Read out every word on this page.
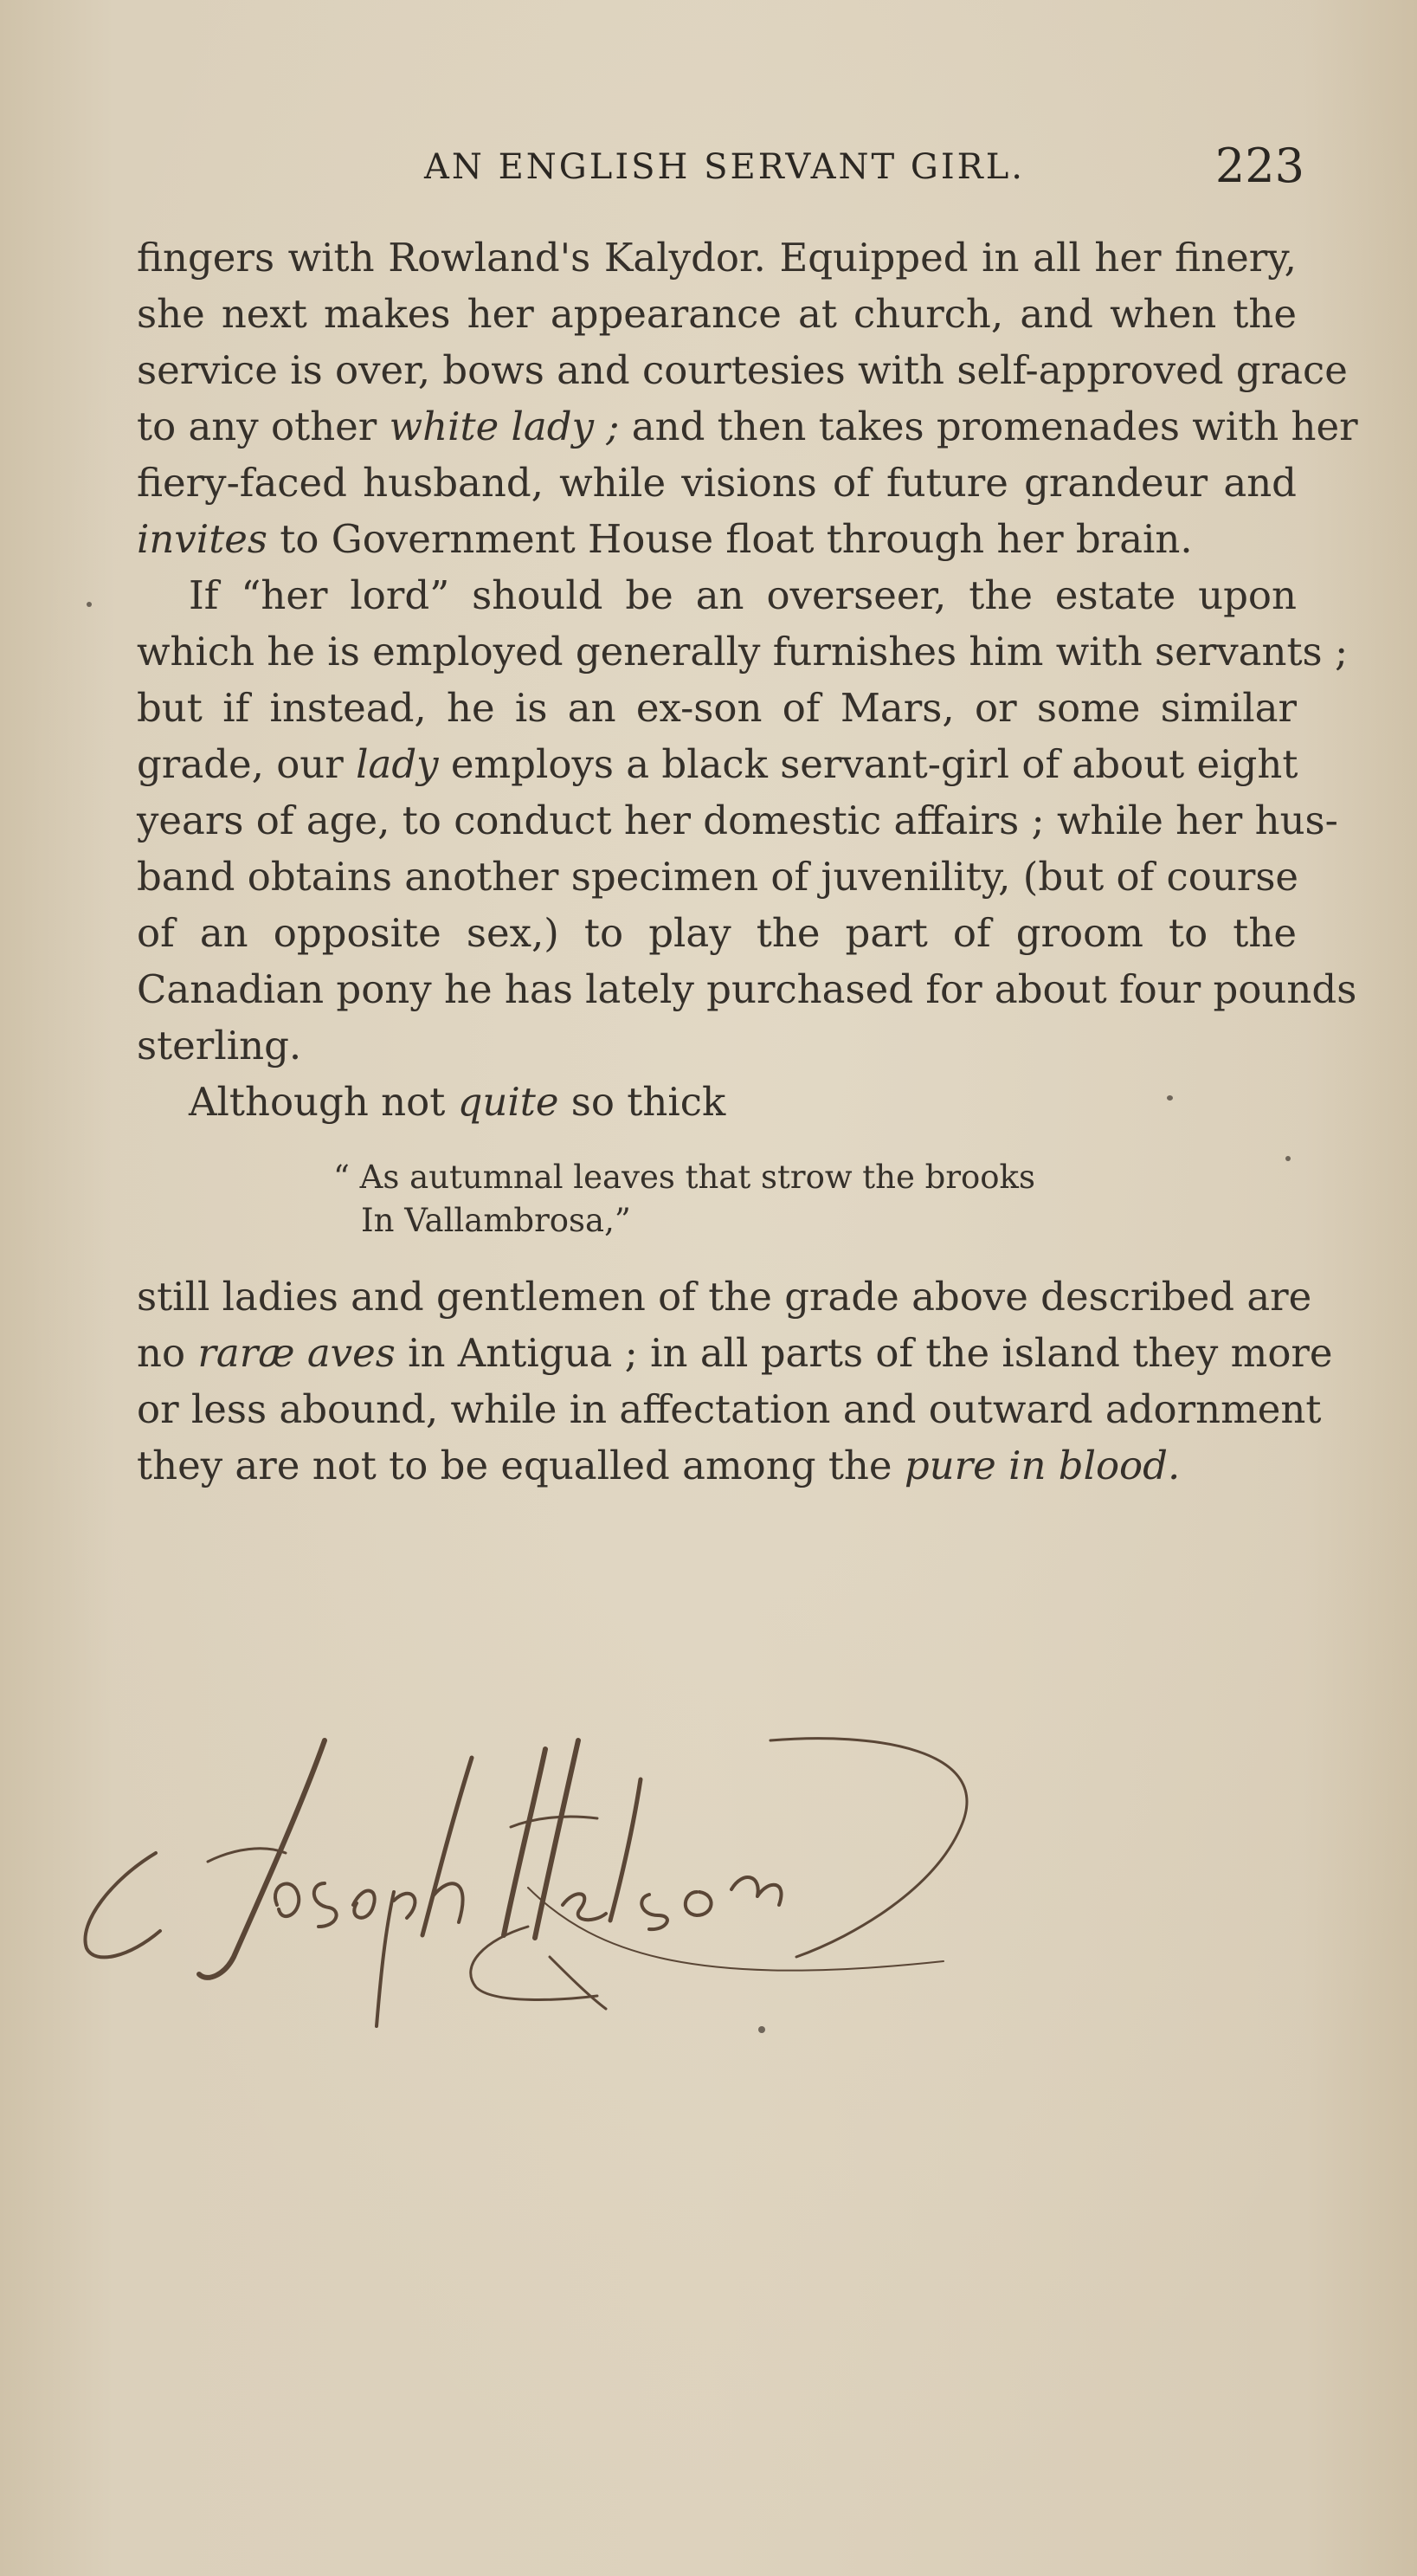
AN ENGLISH SERVANT GIRL.	223
fingers with Rowland's Kalydor. Equipped in all her finery,
she next makes her appearance at church, and when the
service is over, bows and courtesies with self-approved grace
to any other white lady ; and then takes promenades with her
fiery-faced husband, while visions of future grandeur and
invites to Government House float through her brain.
If “her lord” should be an overseer, the estate upon
which he is employed generally furnishes him with servants ;
but if instead, he is an ex-son of Mars, or some similar
grade, our lady employs a black servant-girl of about eight
years of age, to conduct her domestic affairs ; while her hus-
band obtains another specimen of juvenility, (but of course
of an opposite sex,) to play the part of groom to the
Canadian pony he has lately purchased for about four pounds
sterling.
Although not quite so thick
“ As autumnal leaves that strow the brooks
In Vallambrosa,”
still ladies and gentlemen of the grade above described are
no raræ aves in Antigua ; in all parts of the island they more
or less abound, while in affectation and outward adornment
they are not to be equalled among the pure in blood.
